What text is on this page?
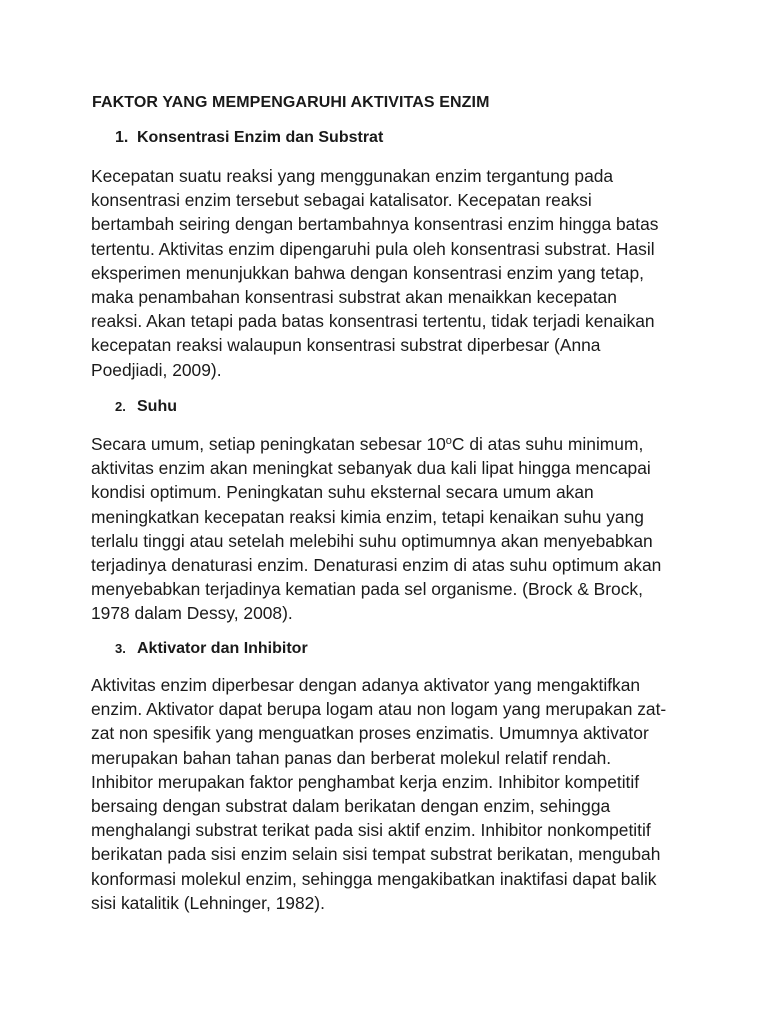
FAKTOR YANG MEMPENGARUHI AKTIVITAS ENZIM
1. Konsentrasi Enzim dan Substrat
Kecepatan suatu reaksi yang menggunakan enzim tergantung pada
konsentrasi enzim tersebut sebagai katalisator. Kecepatan reaksi
bertambah seiring dengan bertambahnya konsentrasi enzim hingga batas
tertentu. Aktivitas enzim dipengaruhi pula oleh konsentrasi substrat. Hasil
eksperimen menunjukkan bahwa dengan konsentrasi enzim yang tetap,
maka penambahan konsentrasi substrat akan menaikkan kecepatan
reaksi. Akan tetapi pada batas konsentrasi tertentu, tidak terjadi kenaikan
kecepatan reaksi walaupun konsentrasi substrat diperbesar (Anna
Poedjiadi, 2009).
2. Suhu
Secara umum, setiap peningkatan sebesar 10$^o$C di atas suhu minimum,
aktivitas enzim akan meningkat sebanyak dua kali lipat hingga mencapai
kondisi optimum. Peningkatan suhu eksternal secara umum akan
meningkatkan kecepatan reaksi kimia enzim, tetapi kenaikan suhu yang
terlalu tinggi atau setelah melebihi suhu optimumnya akan menyebabkan
terjadinya denaturasi enzim. Denaturasi enzim di atas suhu optimum akan
menyebabkan terjadinya kematian pada sel organisme. (Brock & Brock,
1978 dalam Dessy, 2008).
3. Aktivator dan Inhibitor
Aktivitas enzim diperbesar dengan adanya aktivator yang mengaktifkan
enzim. Aktivator dapat berupa logam atau non logam yang merupakan zat-
zat non spesifik yang menguatkan proses enzimatis. Umumnya aktivator
merupakan bahan tahan panas dan berberat molekul relatif rendah.
Inhibitor merupakan faktor penghambat kerja enzim. Inhibitor kompetitif
bersaing dengan substrat dalam berikatan dengan enzim, sehingga
menghalangi substrat terikat pada sisi aktif enzim. Inhibitor nonkompetitif
berikatan pada sisi enzim selain sisi tempat substrat berikatan, mengubah
konformasi molekul enzim, sehingga mengakibatkan inaktifasi dapat balik
sisi katalitik (Lehninger, 1982).
